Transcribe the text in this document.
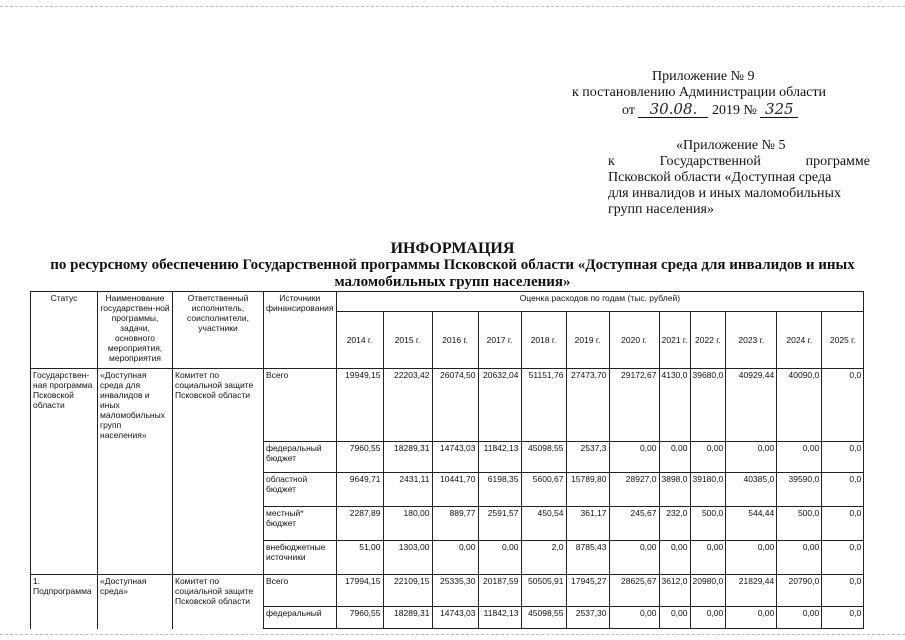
Приложение № 9
к постановлению Администрации области
от 30.08. 2019 № 325
«Приложение № 5
к	Государственной	программе
Псковской области «Доступная среда
для инвалидов и иных маломобильных
групп населения»
ИНФОРМАЦИЯ
по ресурсному обеспечению Государственной программы Псковской области «Доступная среда для инвалидов и иных
маломобильных групп населения»
Статус	Наименование государствен-ной программы, задачи, основного мероприятия, мероприятия	Ответственный исполнитель, соисполнители, участники	Источники финансирования	Оценка расходов по годам (тыс. рублей)											
				2014 г.	2015 г.	2016 г.	2017 г.	2018 г.	2019 г.	2020 г.	2021 г.	2022 г.	2023 г.	2024 г.	2025 г.
Государствен-ная программа Псковской области	«Доступная среда для инвалидов и иных маломобильных групп населения»	Комитет по социальной защите Псковской области	Всего	19949,15	22203,42	26074,50	20632,04	51151,76	27473,70	29172,67	4130,0	39680,0	40929,44	40090,0	0,0
			федеральный бюджет	7960,55	18289,31	14743,03	11842,13	45098,55	2537,3	0,00	0,00	0,00	0,00	0,00	0,0
			областной бюджет	9649,71	2431,11	10441,70	6198,35	5600,67	15789,80	28927,0	3898,0	39180,0	40385,0	39590,0	0,0
			местный* бюджет	2287,89	180,00	889,77	2591,57	450,54	361,17	245,67	232,0	500,0	544,44	500,0	0,0
			внебюджетные источники	51,00	1303,00	0,00	0,00	2,0	8785,43	0,00	0,00	0,00	0,00	0,00	0,0
1. Подпрограмма	«Доступная среда»	Комитет по социальной защите Псковской области	Всего	17994,15	22109,15	25335,30	20187,59	50505,91	17945,27	28625,67	3612,0	20980,0	21829,44	20790,0	0,0
			федеральный	7960,55	18289,31	14743,03	11842,13	45098,55	2537,30	0,00	0,00	0,00	0,00	0,00	0,0
